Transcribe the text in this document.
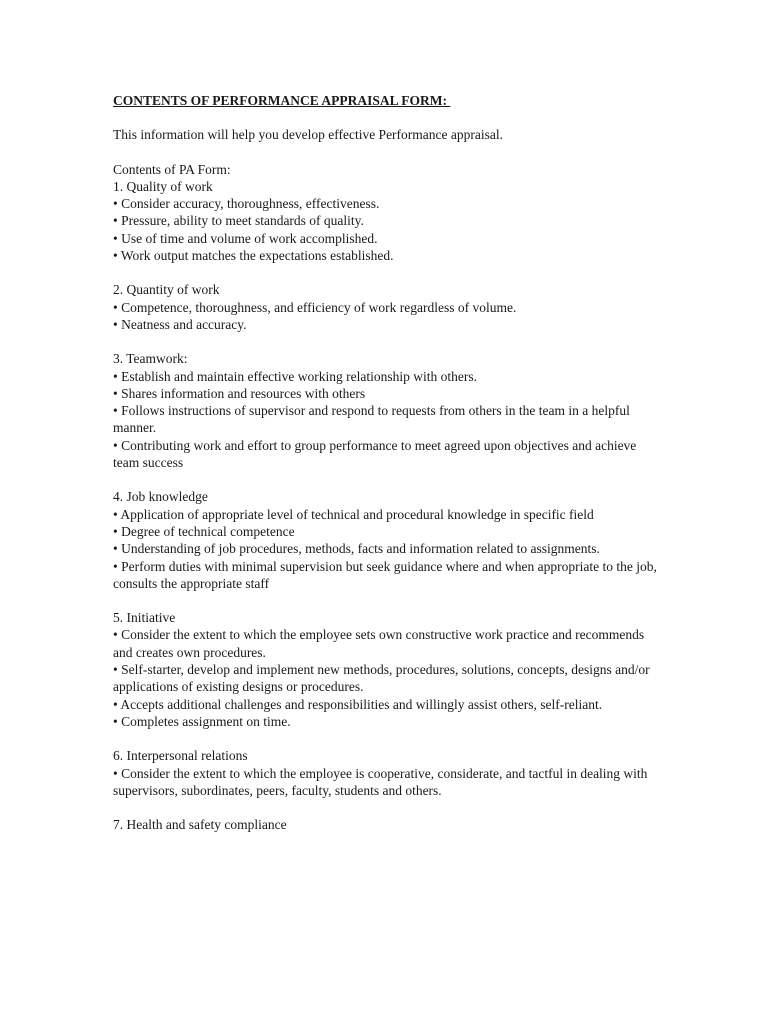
CONTENTS OF PERFORMANCE APPRAISAL FORM:

This information will help you develop effective Performance appraisal.

Contents of PA Form:
1. Quality of work
• Consider accuracy, thoroughness, effectiveness.
• Pressure, ability to meet standards of quality.
• Use of time and volume of work accomplished.
• Work output matches the expectations established.
2. Quantity of work
• Competence, thoroughness, and efficiency of work regardless of volume.
• Neatness and accuracy.
3. Teamwork:
• Establish and maintain effective working relationship with others.
• Shares information and resources with others
• Follows instructions of supervisor and respond to requests from others in the team in a helpful manner.
• Contributing work and effort to group performance to meet agreed upon objectives and achieve team success
4. Job knowledge
• Application of appropriate level of technical and procedural knowledge in specific field
• Degree of technical competence
• Understanding of job procedures, methods, facts and information related to assignments.
• Perform duties with minimal supervision but seek guidance where and when appropriate to the job, consults the appropriate staff
5. Initiative
• Consider the extent to which the employee sets own constructive work practice and recommends and creates own procedures.
• Self-starter, develop and implement new methods, procedures, solutions, concepts, designs and/or applications of existing designs or procedures.
• Accepts additional challenges and responsibilities and willingly assist others, self-reliant.
• Completes assignment on time.
6. Interpersonal relations
• Consider the extent to which the employee is cooperative, considerate, and tactful in dealing with supervisors, subordinates, peers, faculty, students and others.
7. Health and safety compliance
